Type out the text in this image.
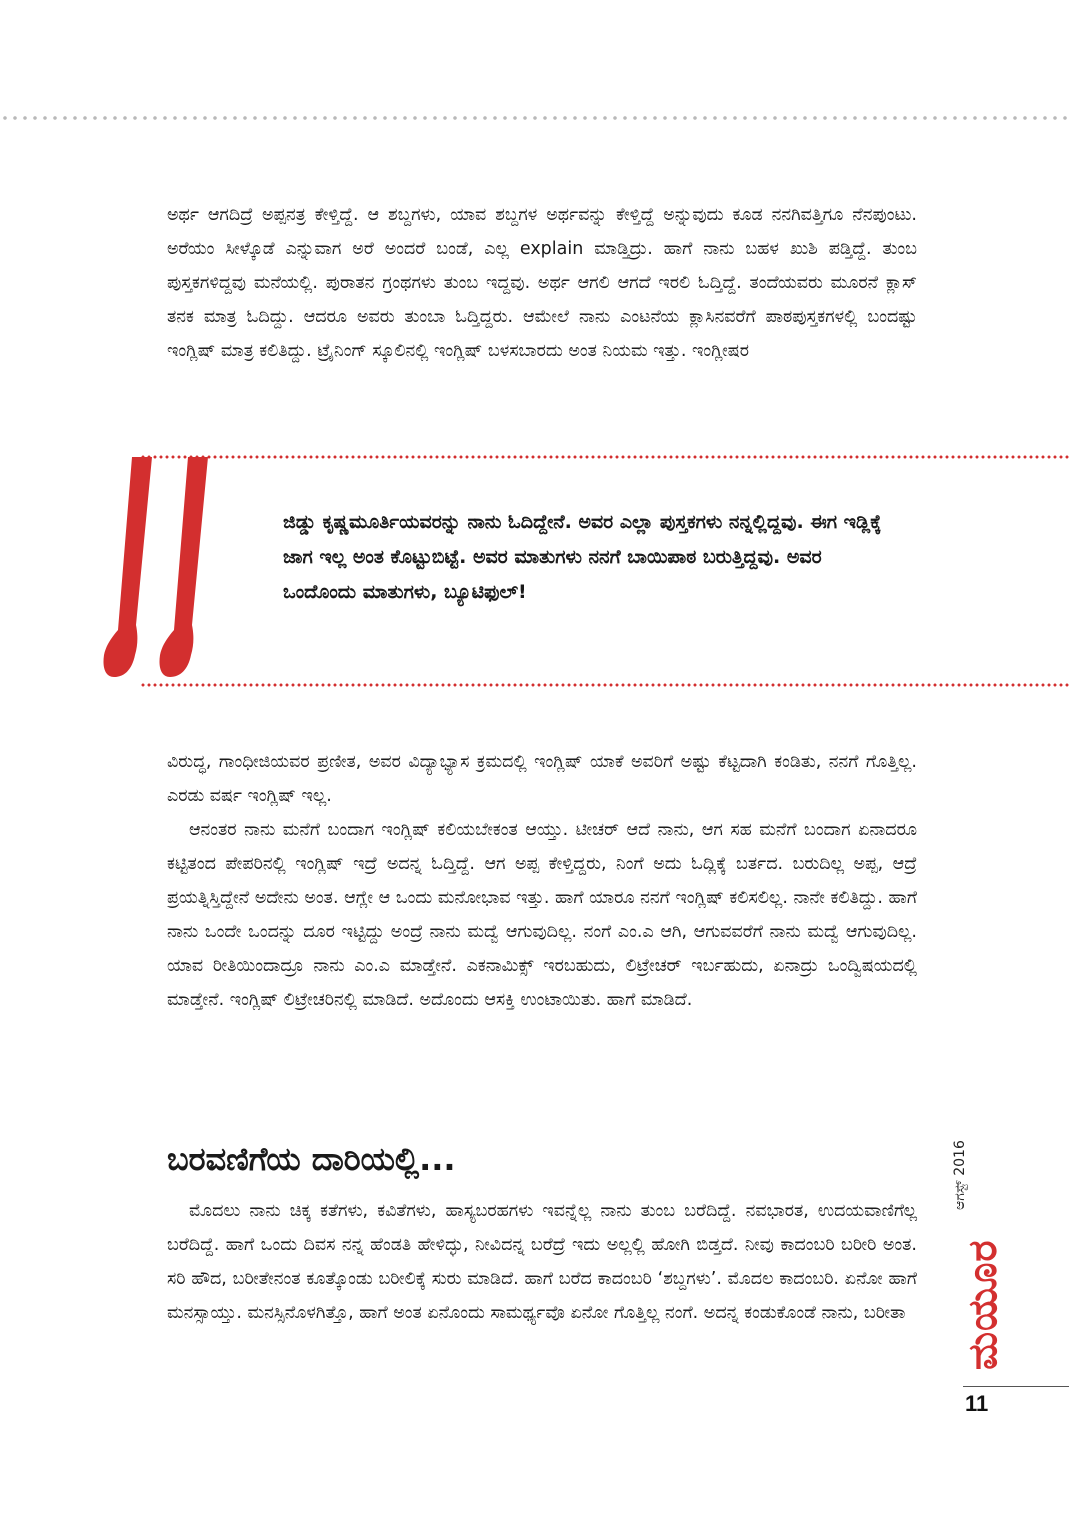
ಅರ್ಥ ಆಗದಿದ್ರೆ ಅಪ್ಪನತ್ರ ಕೇಳ್ತಿದ್ದೆ. ಆ ಶಬ್ದಗಳು, ಯಾವ ಶಬ್ದಗಳ ಅರ್ಥವನ್ನು ಕೇಳ್ತಿದ್ದೆ ಅನ್ನುವುದು ಕೂಡ ನನಗಿವತ್ತಿಗೂ ನೆನಪುಂಟು. ಅರೆಯಂ ಸೀಳ್ಕೊಡೆ ಎನ್ನುವಾಗ ಅರೆ ಅಂದರೆ ಬಂಡೆ, ಎಲ್ಲ explain ಮಾಡ್ತಿದ್ರು. ಹಾಗೆ ನಾನು ಬಹಳ ಖುಶಿ ಪಡ್ತಿದ್ದೆ. ತುಂಬ ಪುಸ್ತಕಗಳಿದ್ದವು ಮನೆಯಲ್ಲಿ. ಪುರಾತನ ಗ್ರಂಥಗಳು ತುಂಬ ಇದ್ದವು. ಅರ್ಥ ಆಗಲಿ ಆಗದೆ ಇರಲಿ ಓದ್ತಿದ್ದೆ. ತಂದೆಯವರು ಮೂರನೆ ಕ್ಲಾಸ್ ತನಕ ಮಾತ್ರ ಓದಿದ್ದು. ಆದರೂ ಅವರು ತುಂಬಾ ಓದ್ತಿದ್ದರು. ಆಮೇಲೆ ನಾನು ಎಂಟನೆಯ ಕ್ಲಾಸಿನವರೆಗೆ ಪಾಠಪುಸ್ತಕಗಳಲ್ಲಿ ಬಂದಷ್ಟು ಇಂಗ್ಲಿಷ್ ಮಾತ್ರ ಕಲಿತಿದ್ದು. ಟ್ರೈನಿಂಗ್ ಸ್ಕೂಲಿನಲ್ಲಿ ಇಂಗ್ಲಿಷ್ ಬಳಸಬಾರದು ಅಂತ ನಿಯಮ ಇತ್ತು. ಇಂಗ್ಲೀಷರ

ಜಿಡ್ಡು ಕೃಷ್ಣಮೂರ್ತಿಯವರನ್ನು ನಾನು ಓದಿದ್ದೇನೆ. ಅವರ ಎಲ್ಲಾ ಪುಸ್ತಕಗಳು ನನ್ನಲ್ಲಿದ್ದವು. ಈಗ ಇಡ್ಲಿಕ್ಕೆ ಜಾಗ ಇಲ್ಲ ಅಂತ ಕೊಟ್ಟುಬಿಟ್ಟೆ. ಅವರ ಮಾತುಗಳು ನನಗೆ ಬಾಯಿಪಾಠ ಬರುತ್ತಿದ್ದವು. ಅವರ ಒಂದೊಂದು ಮಾತುಗಳು, ಬ್ಯೂಟಿಫುಲ್!

ವಿರುದ್ಧ, ಗಾಂಧೀಜಿಯವರ ಪ್ರಣೀತ, ಅವರ ವಿದ್ಯಾಭ್ಯಾಸ ಕ್ರಮದಲ್ಲಿ ಇಂಗ್ಲಿಷ್ ಯಾಕೆ ಅವರಿಗೆ ಅಷ್ಟು ಕೆಟ್ಟದಾಗಿ ಕಂಡಿತು, ನನಗೆ ಗೊತ್ತಿಲ್ಲ. ಎರಡು ವರ್ಷ ಇಂಗ್ಲಿಷ್ ಇಲ್ಲ.

ಆನಂತರ ನಾನು ಮನೆಗೆ ಬಂದಾಗ ಇಂಗ್ಲಿಷ್ ಕಲಿಯಬೇಕಂತ ಆಯ್ತು. ಟೀಚರ್ ಆದೆ ನಾನು, ಆಗ ಸಹ ಮನೆಗೆ ಬಂದಾಗ ಏನಾದರೂ ಕಟ್ಟಿತಂದ ಪೇಪರಿನಲ್ಲಿ ಇಂಗ್ಲಿಷ್ ಇದ್ರೆ ಅದನ್ನ ಓದ್ತಿದ್ದೆ. ಆಗ ಅಪ್ಪ ಕೇಳ್ತಿದ್ದರು, ನಿಂಗೆ ಅದು ಓದ್ಲಿಕ್ಕೆ ಬರ್ತದ. ಬರುದಿಲ್ಲ ಅಪ್ಪ, ಆದ್ರೆ ಪ್ರಯತ್ನಿಸ್ತಿದ್ದೇನೆ ಅದೇನು ಅಂತ. ಆಗ್ಲೇ ಆ ಒಂದು ಮನೋಭಾವ ಇತ್ತು. ಹಾಗೆ ಯಾರೂ ನನಗೆ ಇಂಗ್ಲಿಷ್ ಕಲಿಸಲಿಲ್ಲ. ನಾನೇ ಕಲಿತಿದ್ದು. ಹಾಗೆ ನಾನು ಒಂದೇ ಒಂದನ್ನು ದೂರ ಇಟ್ಟಿದ್ದು ಅಂದ್ರೆ ನಾನು ಮದ್ವೆ ಆಗುವುದಿಲ್ಲ. ನಂಗೆ ಎಂ.ಎ ಆಗಿ, ಆಗುವವರೆಗೆ ನಾನು ಮದ್ವೆ ಆಗುವುದಿಲ್ಲ. ಯಾವ ರೀತಿಯಿಂದಾದ್ರೂ ನಾನು ಎಂ.ಎ ಮಾಡ್ತೇನೆ. ಎಕನಾಮಿಕ್ಸ್ ಇರಬಹುದು, ಲಿಟ್ರೇಚರ್ ಇರ್ಬಹುದು, ಏನಾದ್ರು ಒಂದ್ವಿಷಯದಲ್ಲಿ ಮಾಡ್ತೇನೆ. ಇಂಗ್ಲಿಷ್ ಲಿಟ್ರೇಚರಿನಲ್ಲಿ ಮಾಡಿದೆ. ಅದೊಂದು ಆಸಕ್ತಿ ಉಂಟಾಯಿತು. ಹಾಗೆ ಮಾಡಿದೆ.

ಬರವಣಿಗೆಯ ದಾರಿಯಲ್ಲಿ...

ಮೊದಲು ನಾನು ಚಿಕ್ಕ ಕತೆಗಳು, ಕವಿತೆಗಳು, ಹಾಸ್ಯಬರಹಗಳು ಇವನ್ನೆಲ್ಲ ನಾನು ತುಂಬ ಬರೆದಿದ್ದೆ. ನವಭಾರತ, ಉದಯವಾಣಿಗೆಲ್ಲ ಬರೆದಿದ್ದೆ. ಹಾಗೆ ಒಂದು ದಿವಸ ನನ್ನ ಹೆಂಡತಿ ಹೇಳಿದ್ಳು, ನೀವಿದನ್ನ ಬರೆದ್ರೆ ಇದು ಅಲ್ಲಲ್ಲಿ ಹೋಗಿ ಬಿಡ್ತದೆ. ನೀವು ಕಾದಂಬರಿ ಬರೀರಿ ಅಂತ. ಸರಿ ಹೌದ, ಬರೀತೇನಂತ ಕೂತ್ಕೊಂಡು ಬರೀಲಿಕ್ಕೆ ಸುರು ಮಾಡಿದೆ. ಹಾಗೆ ಬರೆದ ಕಾದಂಬರಿ ‘ಶಬ್ದಗಳು’. ಮೊದಲ ಕಾದಂಬರಿ. ಏನೋ ಹಾಗೆ ಮನಸ್ಸಾಯ್ತು. ಮನಸ್ಸಿನೊಳಗಿತ್ತೊ, ಹಾಗೆ ಅಂತ ಏನೊಂದು ಸಾಮರ್ಥ್ಯವೊ ಏನೋ ಗೊತ್ತಿಲ್ಲ ನಂಗೆ. ಅದನ್ನ ಕಂಡುಕೊಂಡೆ ನಾನು, ಬರೀತಾ

ಆಗಸ್ಟ್ 2016
ಮಯೂರ
11
